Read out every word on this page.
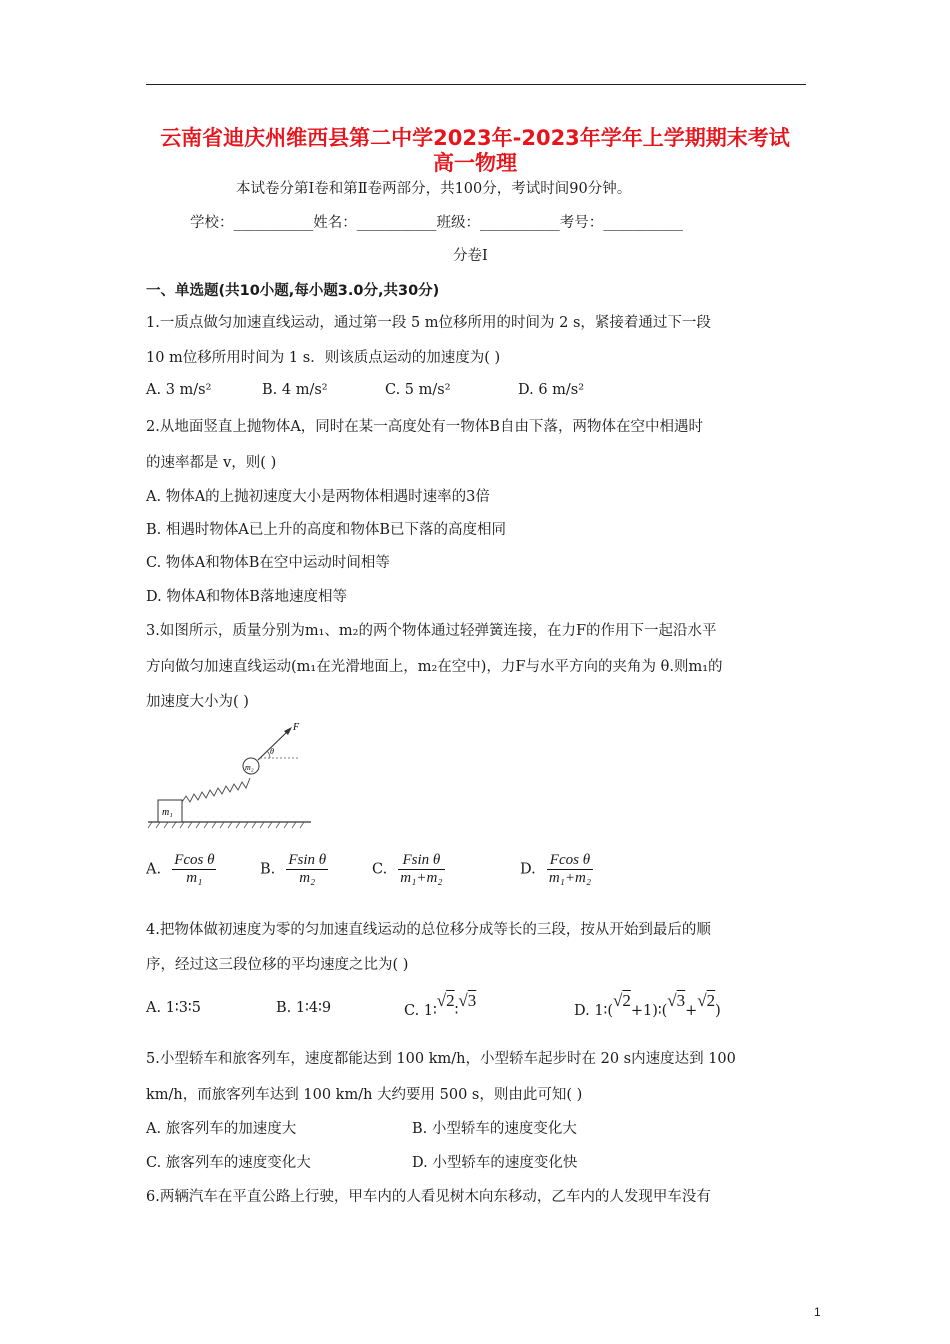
云南省迪庆州维西县第二中学2023年-2023年学年上学期期末考试
高一物理
本试卷分第Ⅰ卷和第Ⅱ卷两部分，共100分，考试时间90分钟。
学校：___________姓名：___________班级：___________考号：___________
分卷I
一、单选题(共10小题,每小题3.0分,共30分)
1.一质点做匀加速直线运动，通过第一段 5 m位移所用的时间为 2 s，紧接着通过下一段
10 m位移所用时间为 1 s．则该质点运动的加速度为( )
A. 3 m/s²	B. 4 m/s²	C. 5 m/s²	D. 6 m/s²
2.从地面竖直上抛物体A，同时在某一高度处有一物体B自由下落，两物体在空中相遇时
的速率都是 v，则( )
A. 物体A的上抛初速度大小是两物体相遇时速率的3倍
B. 相遇时物体A已上升的高度和物体B已下落的高度相同
C. 物体A和物体B在空中运动时间相等
D. 物体A和物体B落地速度相等
3.如图所示，质量分别为m₁、m₂的两个物体通过轻弹簧连接，在力F的作用下一起沿水平
方向做匀加速直线运动(m₁在光滑地面上，m₂在空中)，力F与水平方向的夹角为 θ.则m₁的
加速度大小为( )
m₁
m₂
F
θ
A. $\frac{\text{Fcos θ}}{\text{m₁}}$	B. $\frac{\text{Fsin θ}}{\text{m₂}}$	C. $\frac{\text{Fsin θ}}{\text{m₁+m₂}}$	D. $\frac{\text{Fcos θ}}{\text{m₁+m₂}}$
4.把物体做初速度为零的匀加速直线运动的总位移分成等长的三段，按从开始到最后的顺
序，经过这三段位移的平均速度之比为( )
A. 1∶3∶5	B. 1∶4∶9	C. 1∶√2∶√3
D. 1∶(√2+1)∶(√3+√2)
5.小型轿车和旅客列车，速度都能达到 100 km/h，小型轿车起步时在 20 s内速度达到 100
km/h，而旅客列车达到 100 km/h 大约要用 500 s，则由此可知( )
A. 旅客列车的加速度大	B. 小型轿车的速度变化大
C. 旅客列车的速度变化大	D. 小型轿车的速度变化快
6.两辆汽车在平直公路上行驶，甲车内的人看见树木向东移动，乙车内的人发现甲车没有
1
